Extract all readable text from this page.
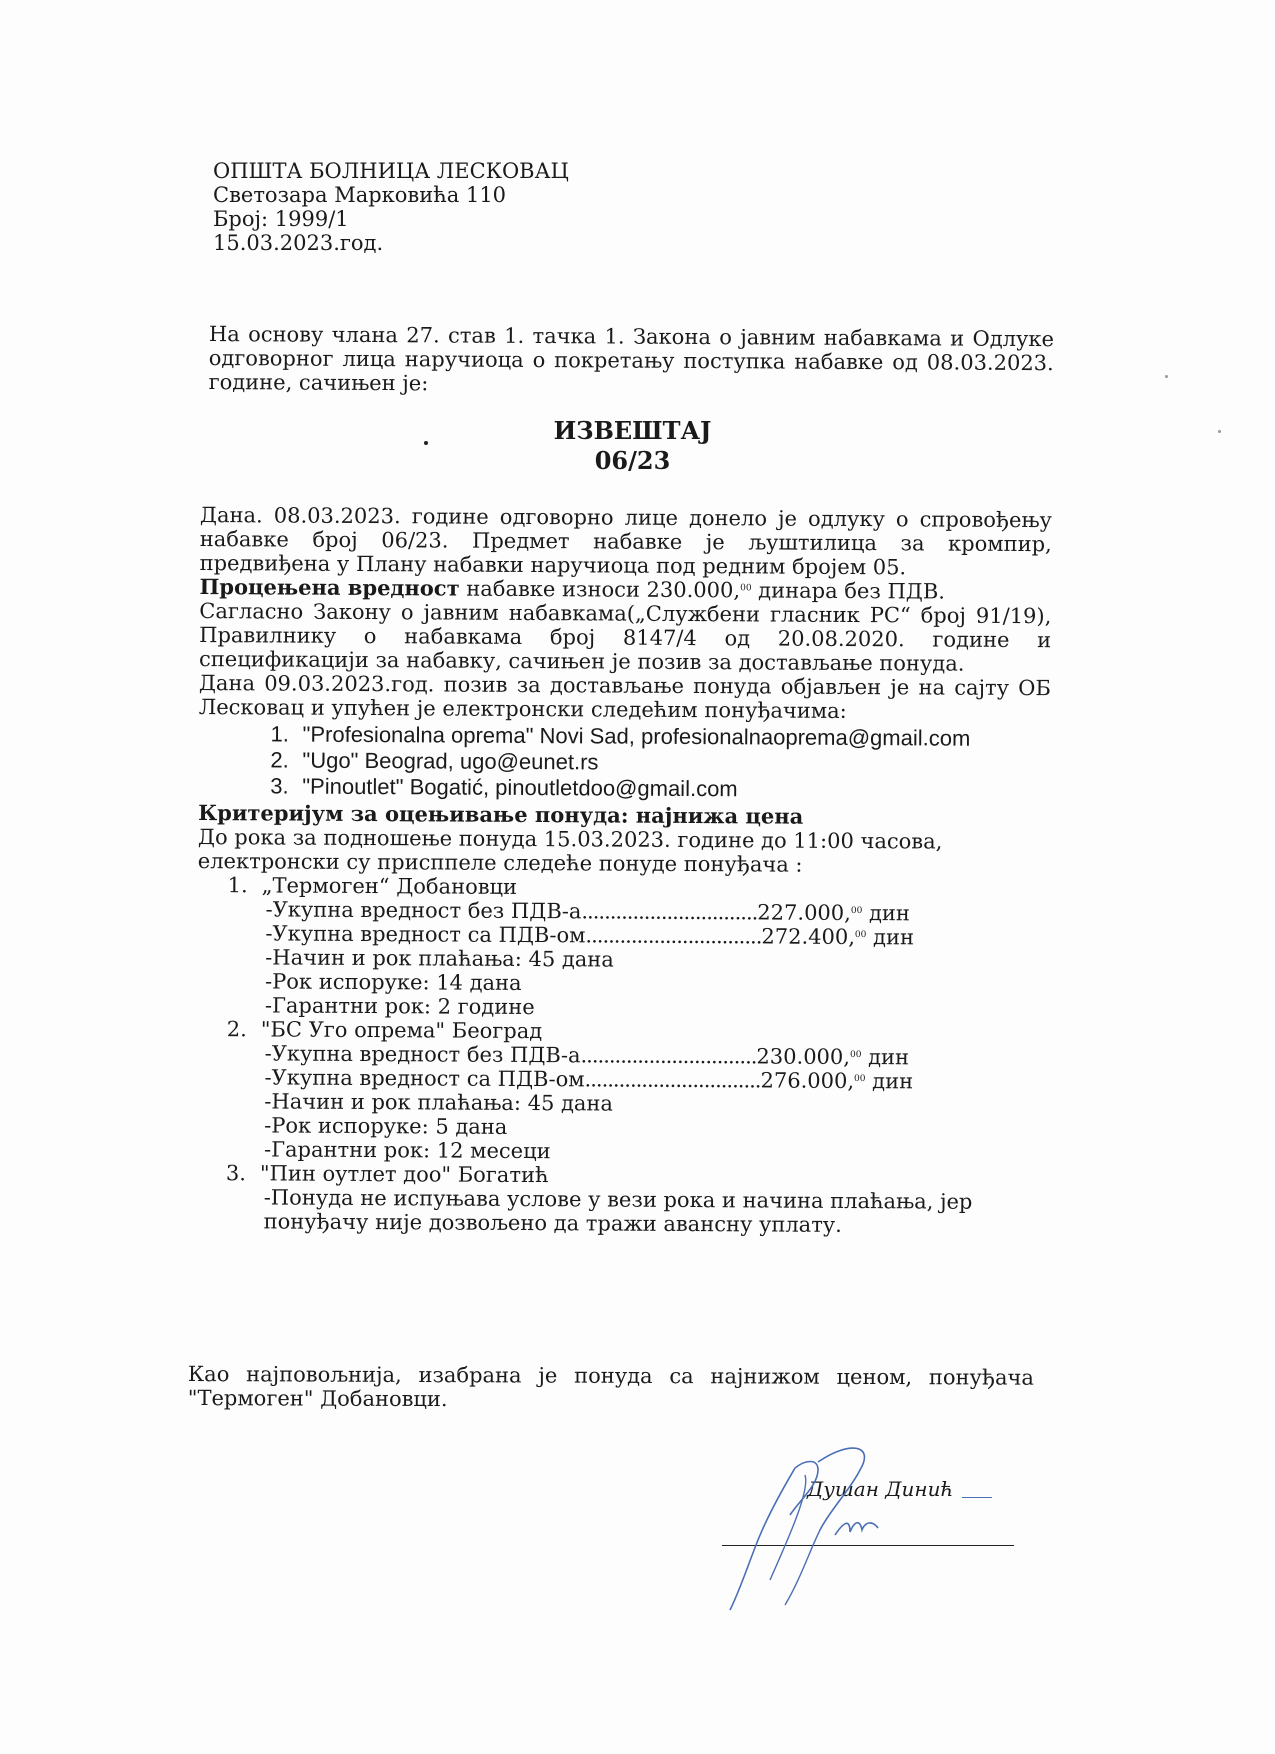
ОПШТА БОЛНИЦА ЛЕСКОВАЦ
Светозара Марковића 110
Број: 1999/1
15.03.2023.год.

На основу члана 27. став 1. тачка 1. Закона о јавним набавкама и Одлуке одговорног лица наручиоца о покретању поступка набавке од 08.03.2023. године, сачињен је:

ИЗВЕШТАЈ
06/23

Дана. 08.03.2023. године одговорно лице донело је одлуку о спровођењу набавке број 06/23. Предмет набавке је љуштилица за кромпир, предвиђена у Плану набавки наручиоца под редним бројем 05.

Процењена вредност набавке износи 230.000,00 динара без ПДВ.

Сагласно Закону о јавним набавкама(„Службени гласник РС“ број 91/19), Правилнику о набавкама број 8147/4 од 20.08.2020. године и спецификацији за набавку, сачињен је позив за достављање понуда.

Дана 09.03.2023.год. позив за достављање понуда објављен је на сајту ОБ Лесковац и упућен је електронски следећим понуђачима:

1. "Profesionalna oprema" Novi Sad, profesionalnaoprema@gmail.com
2. "Ugo" Beograd, ugo@eunet.rs
3. "Pinoutlet" Bogatić, pinoutletdoo@gmail.com

Критеријум за оцењивање понуда: најнижа цена

До рока за подношење понуда 15.03.2023. године до 11:00 часова, електронски су присппеле следеће понуде понуђача :

1. „Термоген“ Добановци
-Укупна вредност без ПДВ-а...............................227.000,00 дин
-Укупна вредност са ПДВ-ом...............................272.400,00 дин
-Начин и рок плаћања: 45 дана
-Рок испоруке: 14 дана
-Гарантни рок: 2 године
2. "БС Уго опрема" Београд
-Укупна вредност без ПДВ-а...............................230.000,00 дин
-Укупна вредност са ПДВ-ом...............................276.000,00 дин
-Начин и рок плаћања: 45 дана
-Рок испоруке: 5 дана
-Гарантни рок: 12 месеци
3. "Пин оутлет доо" Богатић
-Понуда не испуњава услове у вези рока и начина плаћања, јер понуђачу није дозвољено да тражи авансну уплату.

Као најповољнија, изабрана је понуда са најнижом ценом, понуђача "Термоген" Добановци.

Душан Динић
